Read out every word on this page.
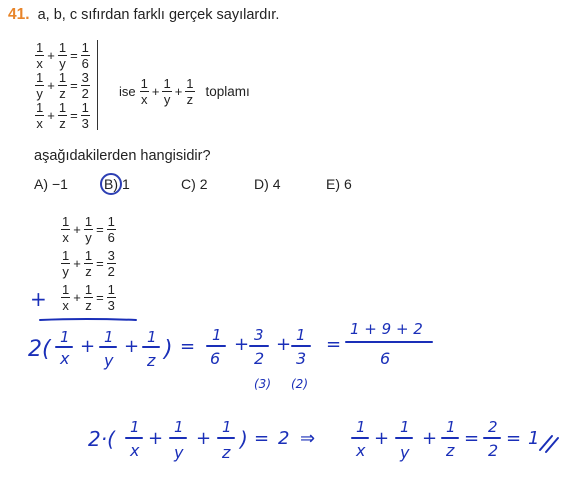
41. a, b, c sıfırdan farklı gerçek sayılardır.
$\frac{1}{x} + \frac{1}{y} = \frac{1}{6}$
$\frac{1}{y} + \frac{1}{z} = \frac{3}{2}$
$\frac{1}{x} + \frac{1}{z} = \frac{1}{3}$
ise $\frac{1}{x} + \frac{1}{y} + \frac{1}{z}$ toplamı
aşağıdakilerden hangisidir?
A) −1	B) 1	C) 2	D) 4	E) 6
$\frac{1}{x} + \frac{1}{y} = \frac{1}{6}$
$\frac{1}{y} + \frac{1}{z} = \frac{3}{2}$
$\frac{1}{x} + \frac{1}{z} = \frac{1}{3}$
+
2( 1
x
+ 1
y
+ 1
z ) =
1
6
+ 3
2
+ 1
3
=
1 + 9 + 2
6
(3) (2)
2·( 1
x
+
1
y
+
1
z
) = 2 ⇒
1
x
+
1
y
+
1
z
=
2
2
= 1
